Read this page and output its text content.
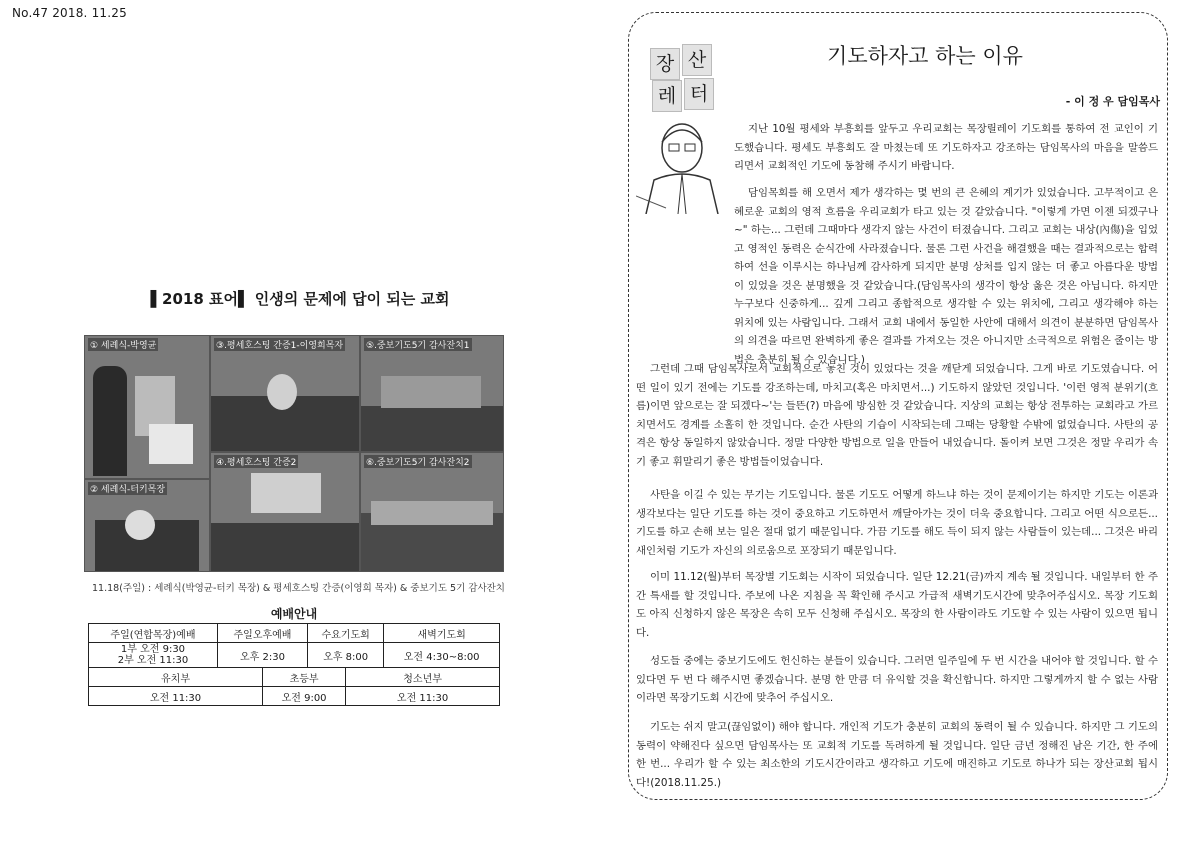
No.47 2018. 11.25
▌2018 표어▌ 인생의 문제에 답이 되는 교회
① 세례식-박영균	③.평세호스팅 간증1-이영희목자	⑤.중보기도5기 감사잔치1
④.평세호스팅 간증2	⑥.중보기도5기 감사잔치2
② 세례식-터키목장
11.18(주일) : 세례식(박영균-터키 목장) & 평세호스팅 간증(이영희 목자) & 중보기도 5기 감사잔치
예배안내					
주일(연합목장)예배	주일오후예배		수요기도회		새벽기도회
1부 오전 9:30
2부 오전 11:30	오후 2:30		오후 8:00		오전 4:30~8:00
유치부		초등부		청소년부	
오전 11:30		오전 9:00		오전 11:30	
장 산
레 터
기도하자고 하는 이유
- 이 정 우 담임목사

지난 10월 평세와 부흥회를 앞두고 우리교회는 목장릴레이 기도회를 통하여 전 교인이 기도했습니다. 평세도 부흥회도 잘 마쳤는데 또 기도하자고 강조하는 담임목사의 마음을 말씀드리면서 교회적인 기도에 동참해 주시기 바랍니다.

담임목회를 해 오면서 제가 생각하는 몇 번의 큰 은혜의 계기가 있었습니다. 고무적이고 은혜로운 교회의 영적 흐름을 우리교회가 타고 있는 것 같았습니다. "이렇게 가면 이젠 되겠구나~" 하는... 그런데 그때마다 생각지 않는 사건이 터졌습니다. 그리고 교회는 내상(內傷)을 입었고 영적인 동력은 순식간에 사라졌습니다. 물론 그런 사건을 해결했을 때는 결과적으로는 합력하여 선을 이루시는 하나님께 감사하게 되지만 분명 상처를 입지 않는 더 좋고 아름다운 방법이 있었을 것은 분명했을 것 같았습니다.(담임목사의 생각이 항상 옳은 것은 아닙니다. 하지만 누구보다 신중하게... 깊게 그리고 종합적으로 생각할 수 있는 위치에, 그리고 생각해야 하는 위치에 있는 사람입니다. 그래서 교회 내에서 동일한 사안에 대해서 의견이 분분하면 담임목사의 의견을 따르면 완벽하게 좋은 결과를 가져오는 것은 아니지만 소극적으로 위험은 줄이는 방법은 충분히 될 수 있습니다.)

그런데 그때 담임목사로서 교회적으로 놓친 것이 있었다는 것을 깨닫게 되었습니다. 그게 바로 기도였습니다. 어떤 일이 있기 전에는 기도를 강조하는데, 마치고(혹은 마치면서...) 기도하지 않았던 것입니다. '이런 영적 분위기(흐름)이면 앞으로는 잘 되겠다~'는 들뜬(?) 마음에 방심한 것 같았습니다. 지상의 교회는 항상 전투하는 교회라고 가르치면서도 경계를 소홀히 한 것입니다. 순간 사탄의 기습이 시작되는데 그때는 당황할 수밖에 없었습니다. 사탄의 공격은 항상 동일하지 않았습니다. 정말 다양한 방법으로 일을 만들어 내었습니다. 돌이켜 보면 그것은 정말 우리가 속기 좋고 휘말리기 좋은 방법들이었습니다.

사탄을 이길 수 있는 무기는 기도입니다. 물론 기도도 어떻게 하느냐 하는 것이 문제이기는 하지만 기도는 이론과 생각보다는 일단 기도를 하는 것이 중요하고 기도하면서 깨달아가는 것이 더욱 중요합니다. 그리고 어떤 식으로든... 기도를 하고 손해 보는 일은 절대 없기 때문입니다. 가끔 기도를 해도 득이 되지 않는 사람들이 있는데... 그것은 바리새인처럼 기도가 자신의 의로움으로 포장되기 때문입니다.

이미 11.12(월)부터 목장별 기도회는 시작이 되었습니다. 일단 12.21(금)까지 계속 될 것입니다. 내일부터 한 주간 특새를 할 것입니다. 주보에 나온 지침을 꼭 확인해 주시고 가급적 새벽기도시간에 맞추어주십시오. 목장 기도회도 아직 신청하지 않은 목장은 속히 모두 신청해 주십시오. 목장의 한 사람이라도 기도할 수 있는 사람이 있으면 됩니다.

성도들 중에는 중보기도에도 헌신하는 분들이 있습니다. 그러면 일주일에 두 번 시간을 내어야 할 것입니다. 할 수 있다면 두 번 다 해주시면 좋겠습니다. 분명 한 만큼 더 유익할 것을 확신합니다. 하지만 그렇게까지 할 수 없는 사람이라면 목장기도회 시간에 맞추어 주십시오.

기도는 쉬지 말고(끊임없이) 해야 합니다. 개인적 기도가 충분히 교회의 동력이 될 수 있습니다. 하지만 그 기도의 동력이 약해진다 싶으면 담임목사는 또 교회적 기도를 독려하게 될 것입니다. 일단 금년 정해진 남은 기간, 한 주에 한 번... 우리가 할 수 있는 최소한의 기도시간이라고 생각하고 기도에 매진하고 기도로 하나가 되는 장산교회 됩시다!(2018.11.25.)
